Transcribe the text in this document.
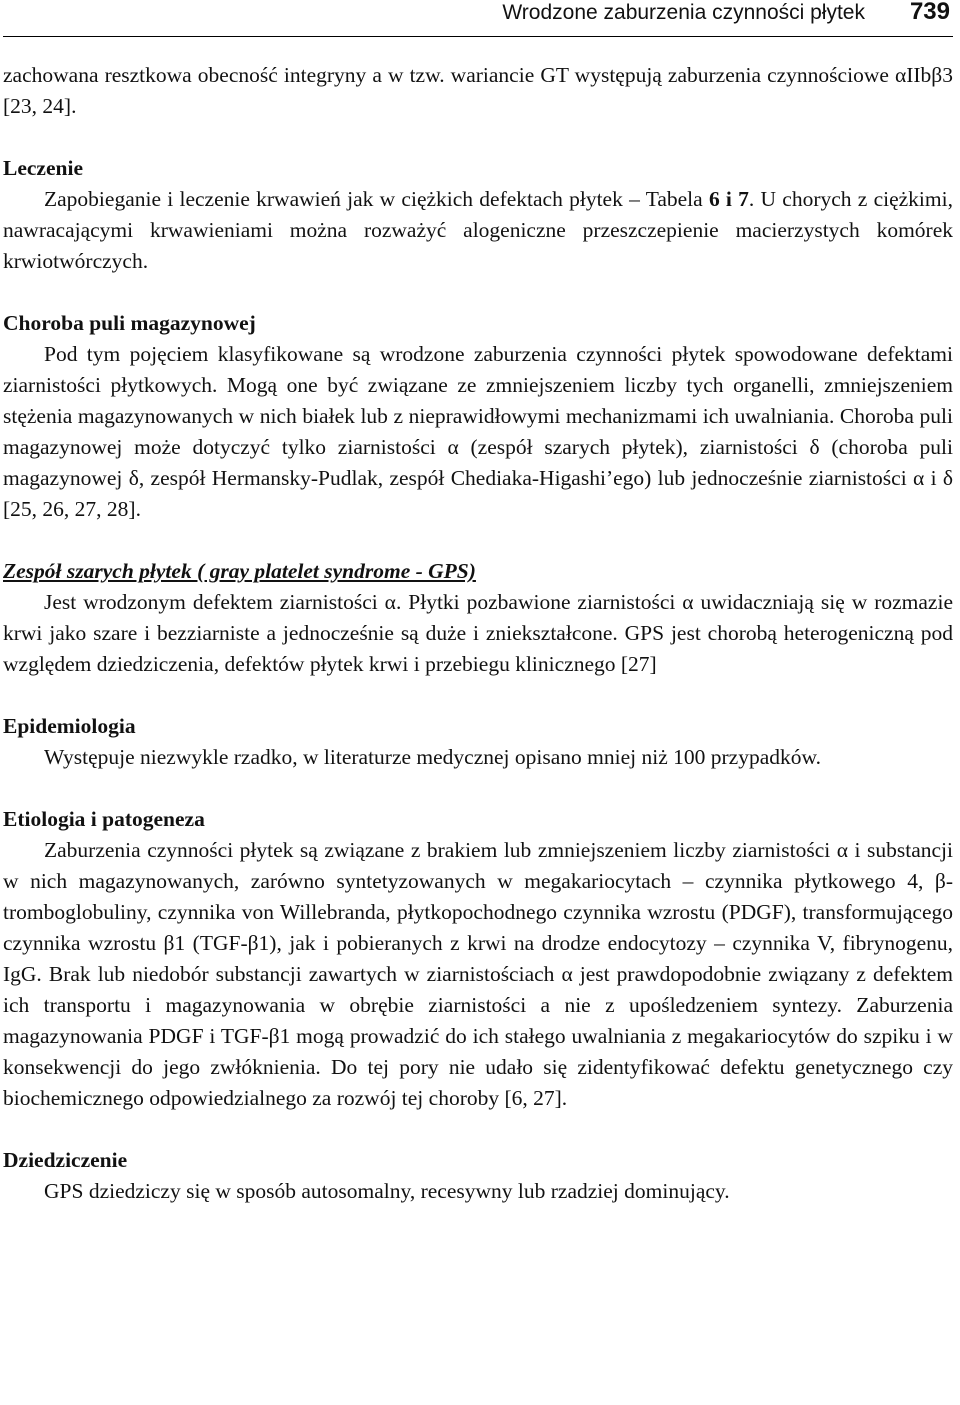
Wrodzone zaburzenia czynności płytek 739

zachowana resztkowa obecność integryny a w tzw. wariancie GT występują zaburzenia czynnościowe αIIbβ3 [23, 24].

Leczenie

Zapobieganie i leczenie krwawień jak w ciężkich defektach płytek – Tabela 6 i 7. U chorych z ciężkimi, nawracającymi krwawieniami można rozważyć alogeniczne przeszczepienie macierzystych komórek krwiotwórczych.

Choroba puli magazynowej

Pod tym pojęciem klasyfikowane są wrodzone zaburzenia czynności płytek spowodowane defektami ziarnistości płytkowych. Mogą one być związane ze zmniejszeniem liczby tych organelli, zmniejszeniem stężenia magazynowanych w nich białek lub z nieprawidłowymi mechanizmami ich uwalniania. Choroba puli magazynowej może dotyczyć tylko ziarnistości α (zespół szarych płytek), ziarnistości δ (choroba puli magazynowej δ, zespół Hermansky-Pudlak, zespół Chediaka-Higashi’ego) lub jednocześnie ziarnistości α i δ [25, 26, 27, 28].

Zespół szarych płytek ( gray platelet syndrome - GPS)

Jest wrodzonym defektem ziarnistości α. Płytki pozbawione ziarnistości α uwidaczniają się w rozmazie krwi jako szare i bezziarniste a jednocześnie są duże i zniekształcone. GPS jest chorobą heterogeniczną pod względem dziedziczenia, defektów płytek krwi i przebiegu klinicznego [27]

Epidemiologia

Występuje niezwykle rzadko, w literaturze medycznej opisano mniej niż 100 przypadków.

Etiologia i patogeneza

Zaburzenia czynności płytek są związane z brakiem lub zmniejszeniem liczby ziarnistości α i substancji w nich magazynowanych, zarówno syntetyzowanych w megakariocytach – czynnika płytkowego 4, β-tromboglobuliny, czynnika von Willebranda, płytkopochodnego czynnika wzrostu (PDGF), transformującego czynnika wzrostu β1 (TGF-β1), jak i pobieranych z krwi na drodze endocytozy – czynnika V, fibrynogenu, IgG. Brak lub niedobór substancji zawartych w ziarnistościach α jest prawdopodobnie związany z defektem ich transportu i magazynowania w obrębie ziarnistości a nie z upośledzeniem syntezy. Zaburzenia magazynowania PDGF i TGF-β1 mogą prowadzić do ich stałego uwalniania z megakariocytów do szpiku i w konsekwencji do jego zwłóknienia. Do tej pory nie udało się zidentyfikować defektu genetycznego czy biochemicznego odpowiedzialnego za rozwój tej choroby [6, 27].

Dziedziczenie

GPS dziedziczy się w sposób autosomalny, recesywny lub rzadziej dominujący.
